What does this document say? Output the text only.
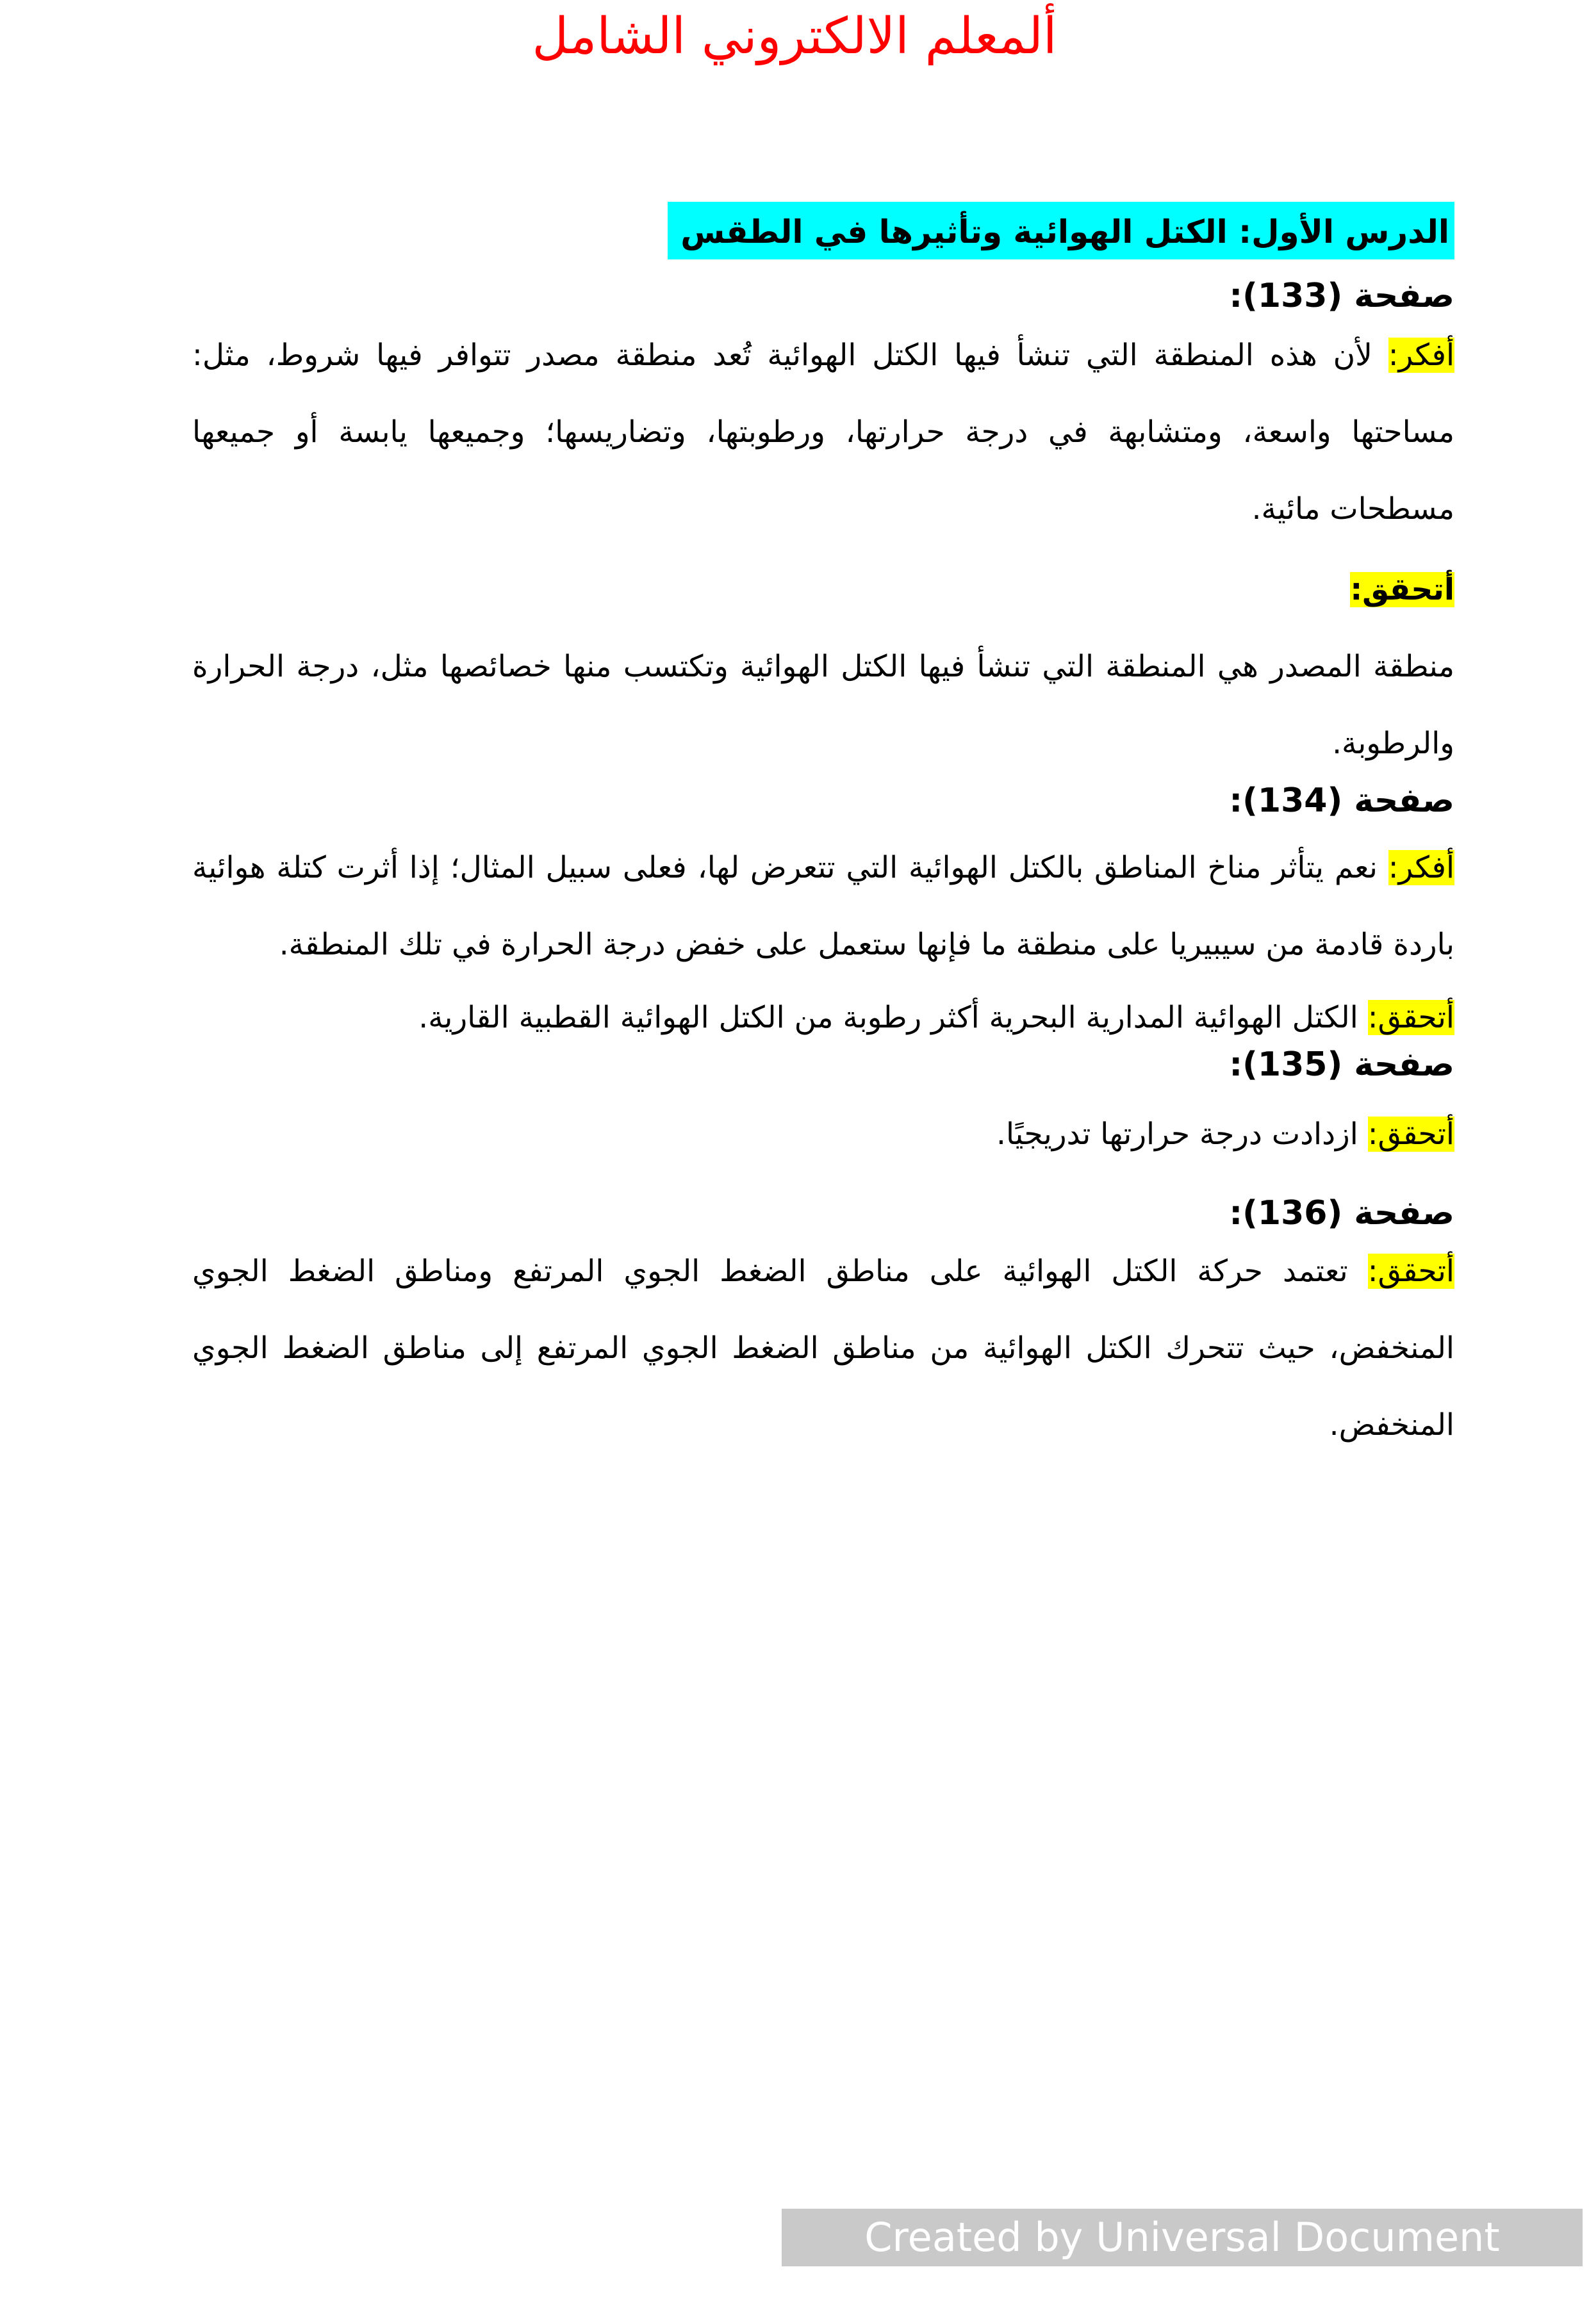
ألمعلم الالكتروني الشامل
الدرس الأول: الكتل الهوائية وتأثيرها في الطقس
صفحة (133):

أفكر: لأن هذه المنطقة التي تنشأ فيها الكتل الهوائية تُعد منطقة مصدر تتوافر فيها شروط، مثل: مساحتها واسعة، ومتشابهة في درجة حرارتها، ورطوبتها، وتضاريسها؛ وجميعها يابسة أو جميعها مسطحات مائية.

أتحقق:

منطقة المصدر هي المنطقة التي تنشأ فيها الكتل الهوائية وتكتسب منها خصائصها مثل، درجة الحرارة والرطوبة.

صفحة (134):

أفكر: نعم يتأثر مناخ المناطق بالكتل الهوائية التي تتعرض لها، فعلى سبيل المثال؛ إذا أثرت كتلة هوائية باردة قادمة من سيبيريا على منطقة ما فإنها ستعمل على خفض درجة الحرارة في تلك المنطقة.

أتحقق: الكتل الهوائية المدارية البحرية أكثر رطوبة من الكتل الهوائية القطبية القارية.

صفحة (135):

أتحقق: ازدادت درجة حرارتها تدريجيًا.

صفحة (136):

أتحقق: تعتمد حركة الكتل الهوائية على مناطق الضغط الجوي المرتفع ومناطق الضغط الجوي المنخفض، حيث تتحرك الكتل الهوائية من مناطق الضغط الجوي المرتفع إلى مناطق الضغط الجوي المنخفض.

Created by Universal Document Converter
